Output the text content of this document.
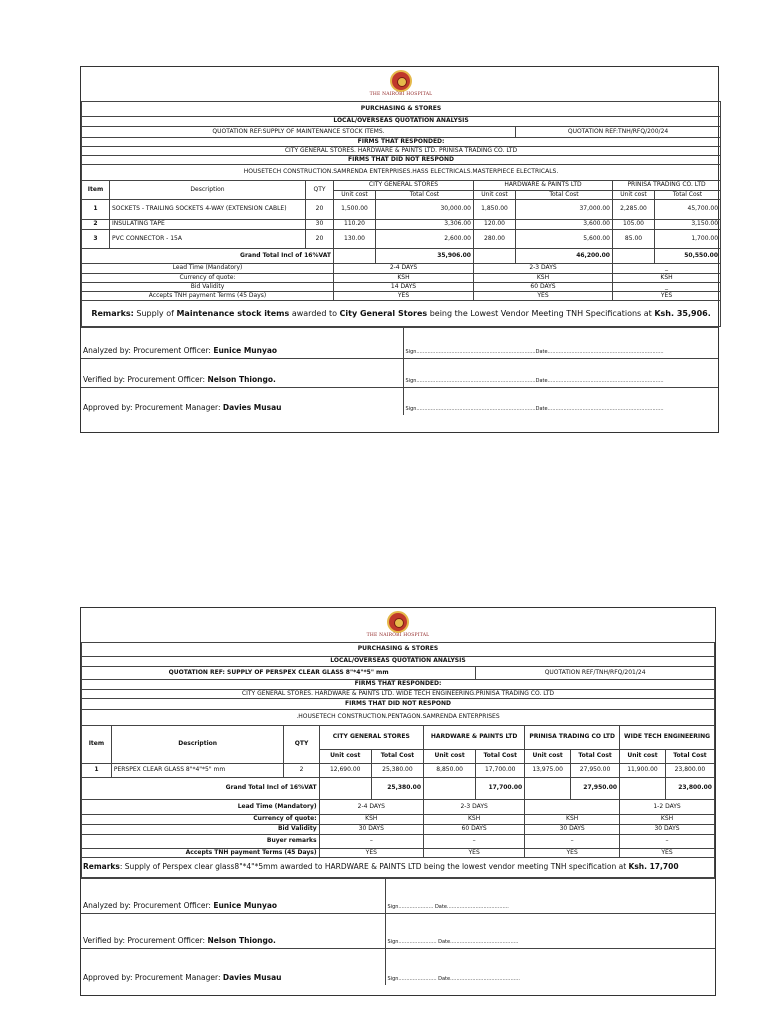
THE NAIROBI HOSPITAL								

PURCHASING & STORES								
LOCAL/OVERSEAS QUOTATION ANALYSIS								
QUOTATION REF:SUPPLY OF MAINTENANCE STOCK ITEMS.						QUOTATION REF:TNH/RFQ/200/24		
FIRMS THAT RESPONDED:								
CITY GENERAL STORES. HARDWARE & PAINTS LTD. PRINISA TRADING CO. LTD								
FIRMS THAT DID NOT RESPOND								
HOUSETECH CONSTRUCTION.SAMRENDA ENTERPRISES.HASS ELECTRICALS.MASTERPIECE ELECTRICALS.								
Item	Description	QTY	CITY GENERAL STORES		HARDWARE & PAINTS LTD		PRINISA TRADING CO. LTD	
			Unit cost	Total Cost	Unit cost	Total Cost	Unit cost	Total Cost
1	SOCKETS - TRAILING SOCKETS 4-WAY (EXTENSION CABLE)	20	1,500.00	30,000.00	1,850.00	37,000.00	2,285.00	45,700.00
2	INSULATING TAPE	30	110.20	3,306.00	120.00	3,600.00	105.00	3,150.00
3	PVC CONNECTOR - 15A	20	130.00	2,600.00	280.00	5,600.00	85.00	1,700.00
Grand Total Incl of 16%VAT				35,906.00		46,200.00		50,550.00
Lead Time (Mandatory)			2-4 DAYS		2-3 DAYS		_	
Currency of quote:			KSH		KSH		KSH	
Bid Validity			14 DAYS		60 DAYS		_	
Accepts TNH payment Terms (45 Days)			YES		YES		YES	
Remarks: Supply of Maintenance stock items awarded to City General Stores being the Lowest Vendor Meeting TNH Specifications at Ksh. 35,906.								
Analyzed by: Procurement Officer: Eunice Munyao	Sign...........................................................................Date.........................................................................
Verified by: Procurement Officer: Nelson Thiongo.	Sign...........................................................................Date.........................................................................
Approved by: Procurement Manager: Davies Musau	Sign...........................................................................Date.........................................................................
THE NAIROBI HOSPITAL										

PURCHASING & STORES										
LOCAL/OVERSEAS QUOTATION ANALYSIS										
QUOTATION REF: SUPPLY OF PERSPEX CLEAR GLASS 8"*4"*5" mm						QUOTATION REF/TNH/RFQ/201/24				
FIRMS THAT RESPONDED:										
CITY GENERAL STORES. HARDWARE & PAINTS LTD. WIDE TECH ENGINEERING.PRINISA TRADING CO. LTD										
FIRMS THAT DID NOT RESPOND										
.HOUSETECH CONSTRUCTION.PENTAGON.SAMRENDA ENTERPRISES										
Item	Description	QTY	CITY GENERAL STORES		HARDWARE & PAINTS LTD		PRINISA TRADING CO LTD		WIDE TECH ENGINEERING	
			Unit cost	Total Cost	Unit cost	Total Cost	Unit cost	Total Cost	Unit cost	Total Cost
1	PERSPEX CLEAR GLASS 8"*4"*5" mm	2	12,690.00	25,380.00	8,850.00	17,700.00	13,975.00	27,950.00	11,900.00	23,800.00
Grand Total Incl of 16%VAT				25,380.00		17,700.00		27,950.00		23,800.00
Lead Time (Mandatory)			2-4 DAYS		2-3 DAYS				1-2 DAYS	
Currency of quote:			KSH		KSH		KSH		KSH	
Bid Validity			30 DAYS		60 DAYS		30 DAYS		30 DAYS	
Buyer remarks			–		–		–		–	
Accepts TNH payment Terms (45 Days)			YES		YES		YES		YES	
Remarks: Supply of Perspex clear glass8"*4"*5mm awarded to HARDWARE & PAINTS LTD being the lowest vendor meeting TNH specification at Ksh. 17,700										
Analyzed by: Procurement Officer: Eunice Munyao	Sign...................... Date.......................................
Verified by: Procurement Officer: Nelson Thiongo.	Sign........................ Date...........................................
Approved by: Procurement Manager: Davies Musau	Sign........................ Date............................................
